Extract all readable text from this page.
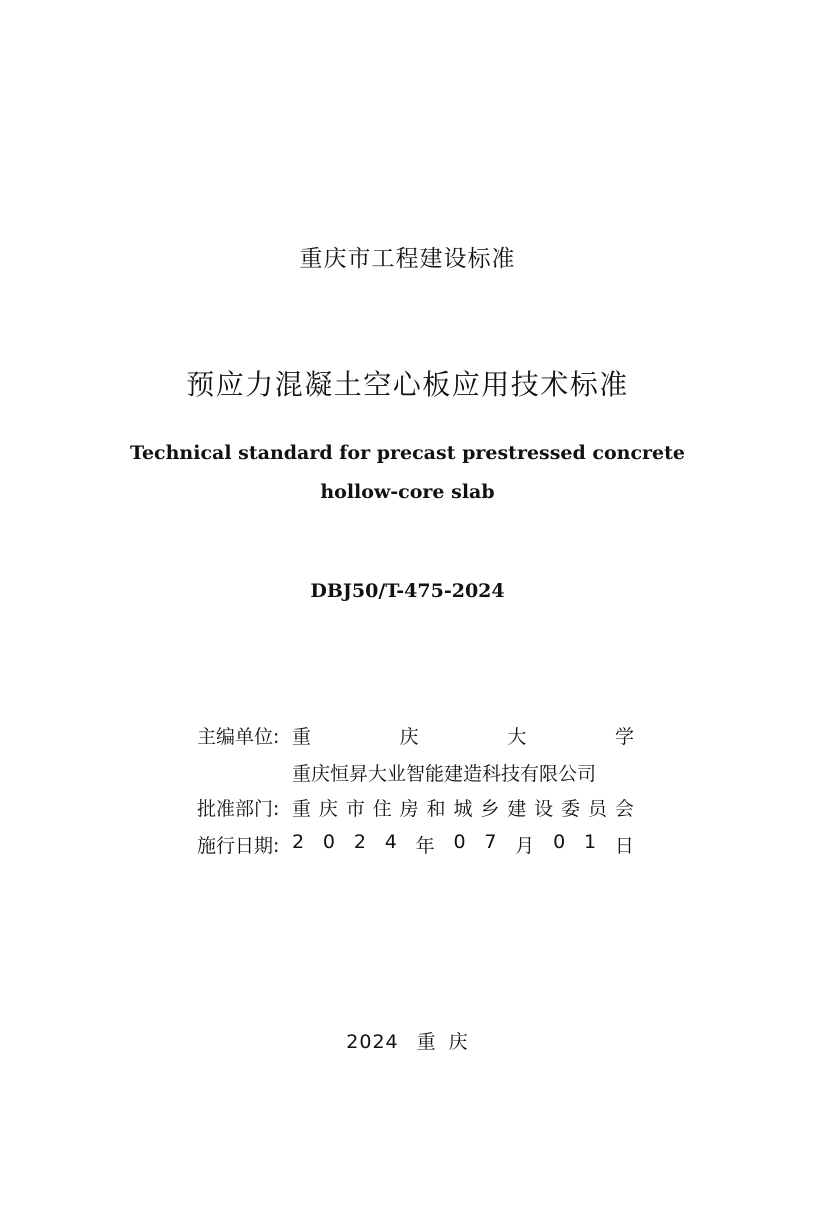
重庆市工程建设标准
预应力混凝土空心板应用技术标准
Technical standard for precast prestressed concrete
hollow-core slab
DBJ50/T-475-2024
主编单位: 重	庆	大	学
重庆恒昇大业智能建造科技有限公司
批准部门: 重 庆 市 住 房 和 城 乡 建 设 委 员 会
施行日期: 2 0 2 4 年 0 7 月 0 1 日
2024 重 庆
